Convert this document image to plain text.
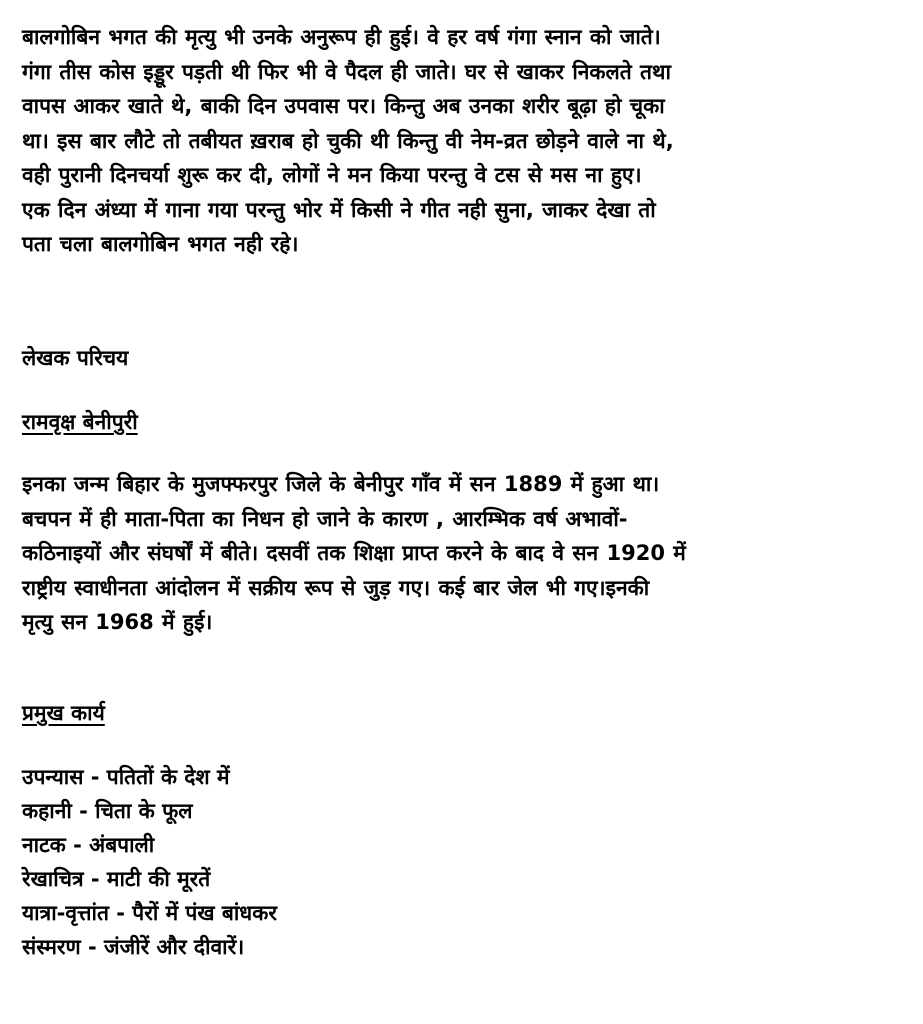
बालगोबिन भगत की मृत्यु भी उनके अनुरूप ही हुई। वे हर वर्ष गंगा स्नान को जाते।
गंगा तीस कोस इड्डूर पड़ती थी फिर भी वे पैदल ही जाते। घर से खाकर निकलते तथा
वापस आकर खाते थे, बाकी दिन उपवास पर। किन्तु अब उनका शरीर बूढ़ा हो चूका
था। इस बार लौटे तो तबीयत ख़राब हो चुकी थी किन्तु वी नेम-व्रत छोड़ने वाले ना थे,
वही पुरानी दिनचर्या शुरू कर दी, लोगों ने मन किया परन्तु वे टस से मस ना हुए।
एक दिन अंध्या में गाना गया परन्तु भोर में किसी ने गीत नही सुना, जाकर देखा तो
पता चला बालगोबिन भगत नही रहे।
लेखक परिचय
रामवृक्ष बेनीपुरी
इनका जन्म बिहार के मुजफ्फरपुर जिले के बेनीपुर गाँव में सन 1889 में हुआ था।
बचपन में ही माता-पिता का निधन हो जाने के कारण , आरम्भिक वर्ष अभावों-
कठिनाइयों और संघर्षों में बीते। दसवीं तक शिक्षा प्राप्त करने के बाद वे सन 1920 में
राष्ट्रीय स्वाधीनता आंदोलन में सक्रीय रूप से जुड़ गए। कई बार जेल भी गए।इनकी
मृत्यु सन 1968 में हुई।
प्रमुख कार्य
उपन्यास - पतितों के देश में
कहानी - चिता के फूल
नाटक - अंबपाली
रेखाचित्र - माटी की मूरतें
यात्रा-वृत्तांत - पैरों में पंख बांधकर
संस्मरण - जंजीरें और दीवारें।
